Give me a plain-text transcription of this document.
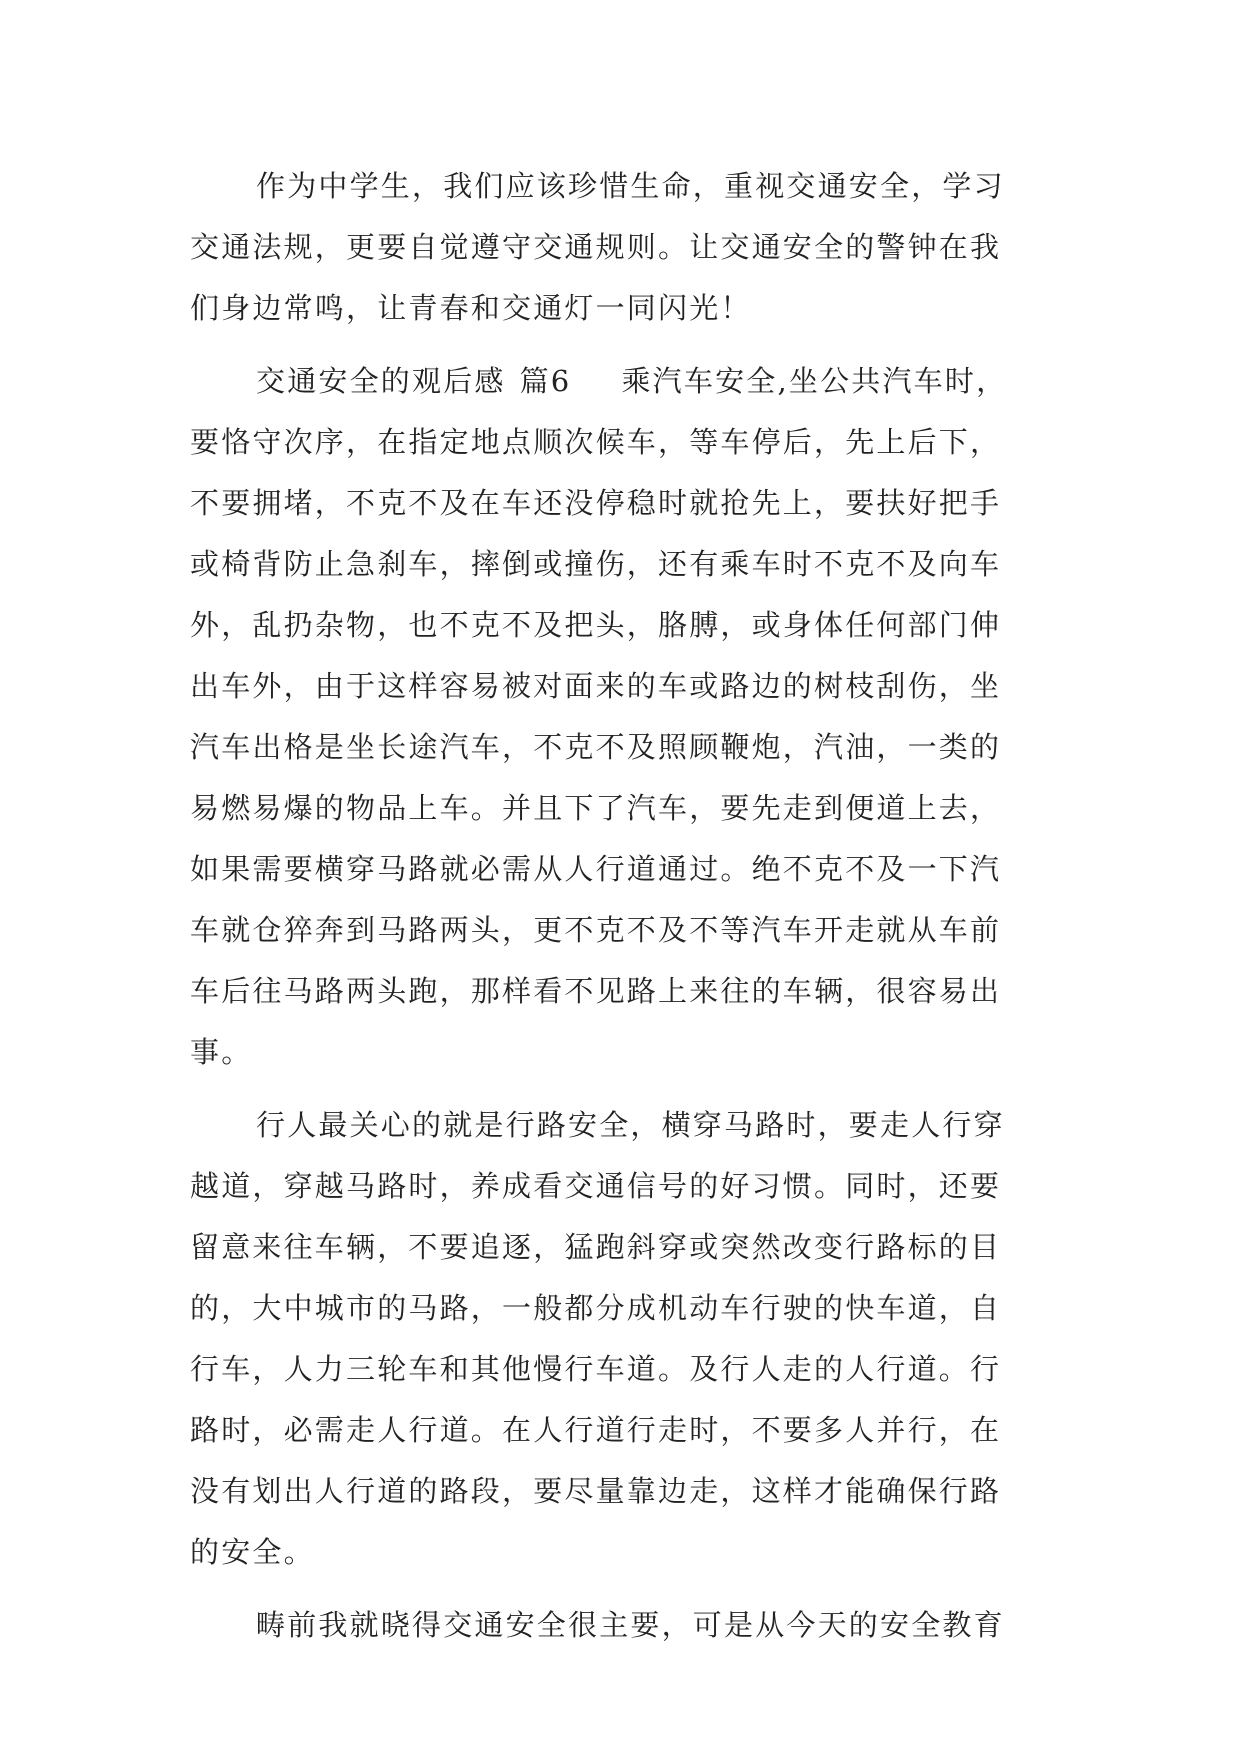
作为中学生，我们应该珍惜生命，重视交通安全，学习
交通法规，更要自觉遵守交通规则。让交通安全的警钟在我
们身边常鸣，让青春和交通灯一同闪光！
交通安全的观后感 篇6 乘汽车安全,坐公共汽车时，
要恪守次序，在指定地点顺次候车，等车停后，先上后下，
不要拥堵，不克不及在车还没停稳时就抢先上，要扶好把手
或椅背防止急刹车，摔倒或撞伤，还有乘车时不克不及向车
外，乱扔杂物，也不克不及把头，胳膊，或身体任何部门伸
出车外，由于这样容易被对面来的车或路边的树枝刮伤，坐
汽车出格是坐长途汽车，不克不及照顾鞭炮，汽油，一类的
易燃易爆的物品上车。并且下了汽车，要先走到便道上去，
如果需要横穿马路就必需从人行道通过。绝不克不及一下汽
车就仓猝奔到马路两头，更不克不及不等汽车开走就从车前
车后往马路两头跑，那样看不见路上来往的车辆，很容易出
事。
行人最关心的就是行路安全，横穿马路时，要走人行穿
越道，穿越马路时，养成看交通信号的好习惯。同时，还要
留意来往车辆，不要追逐，猛跑斜穿或突然改变行路标的目
的，大中城市的马路，一般都分成机动车行驶的快车道，自
行车，人力三轮车和其他慢行车道。及行人走的人行道。行
路时，必需走人行道。在人行道行走时，不要多人并行，在
没有划出人行道的路段，要尽量靠边走，这样才能确保行路
的安全。
畴前我就晓得交通安全很主要，可是从今天的安全教育
